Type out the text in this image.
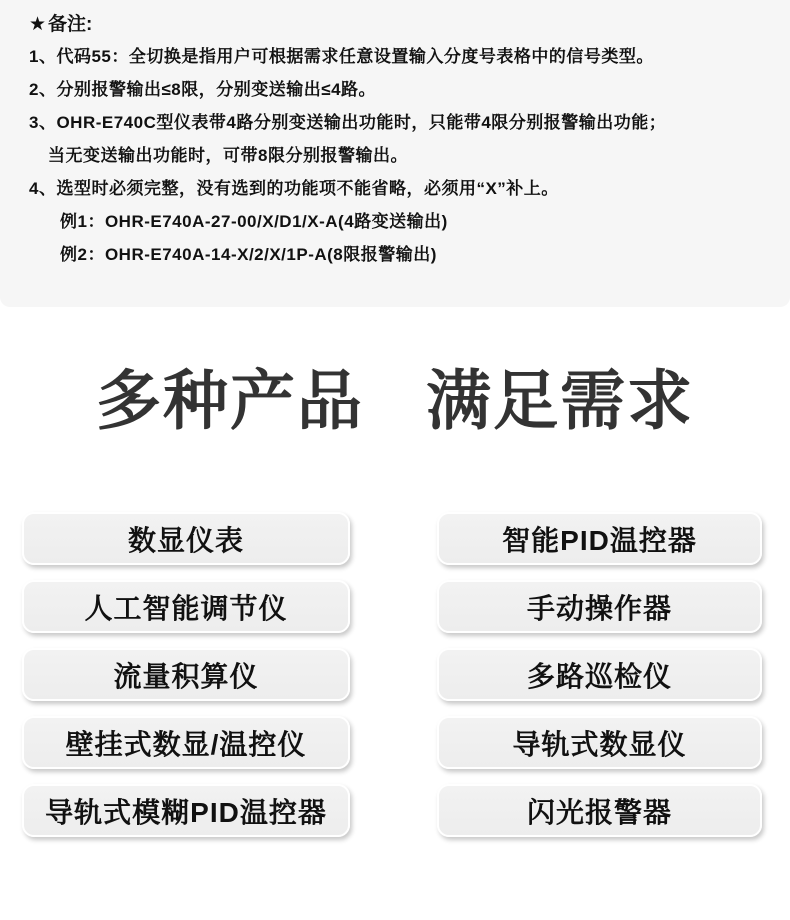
★ 备注:
1、代码55：全切换是指用户可根据需求任意设置输入分度号表格中的信号类型。
2、分别报警输出≤8限，分别变送输出≤4路。
3、OHR-E740C型仪表带4路分别变送输出功能时，只能带4限分别报警输出功能；
当无变送输出功能时，可带8限分别报警输出。
4、选型时必须完整，没有选到的功能项不能省略，必须用“X”补上。
例1：OHR-E740A-27-00/X/D1/X-A(4路变送输出)
例2：OHR-E740A-14-X/2/X/1P-A(8限报警输出)
多种产品 满足需求
数显仪表	智能PID温控器
人工智能调节仪	手动操作器
流量积算仪	多路巡检仪
壁挂式数显/温控仪	导轨式数显仪
导轨式模糊PID温控器	闪光报警器
